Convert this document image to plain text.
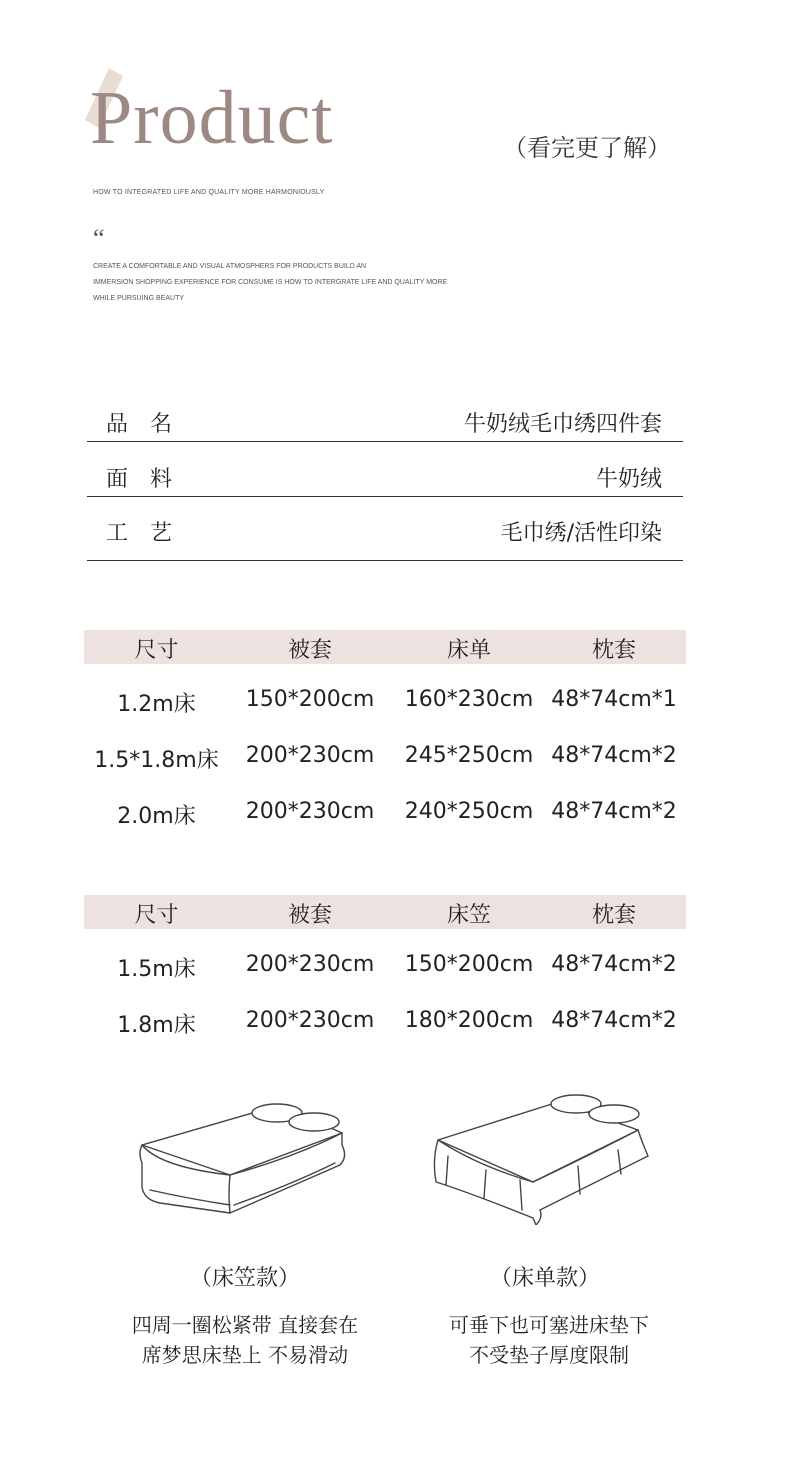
Product	（看完更了解）
HOW TO INTEGRATED LIFE AND QUALITY MORE HARMONIOUSLY
“
CREATE A COMFORTABLE AND VISUAL ATMOSPHERS FOR PRODUCTS BUILD AN
IMMERSION SHOPPING EXPERIENCE FOR CONSUME IS HOW TO INTERGRATE LIFE AND QUALITY MORE
WHILE PURSUING BEAUTY
品名	牛奶绒毛巾绣四件套
面料	牛奶绒
工艺	毛巾绣/活性印染
尺寸	被套	床单	枕套
1.2m床	150*200cm	160*230cm 48*74cm*1
1.5*1.8m床	200*230cm	245*250cm 48*74cm*2
2.0m床	200*230cm	240*250cm 48*74cm*2
尺寸	被套	床笠	枕套
1.5m床	200*230cm	150*200cm 48*74cm*2
1.8m床	200*230cm	180*200cm 48*74cm*2
（床笠款）	（床单款）
四周一圈松紧带 直接套在
席梦思床垫上 不易滑动
可垂下也可塞进床垫下
不受垫子厚度限制
